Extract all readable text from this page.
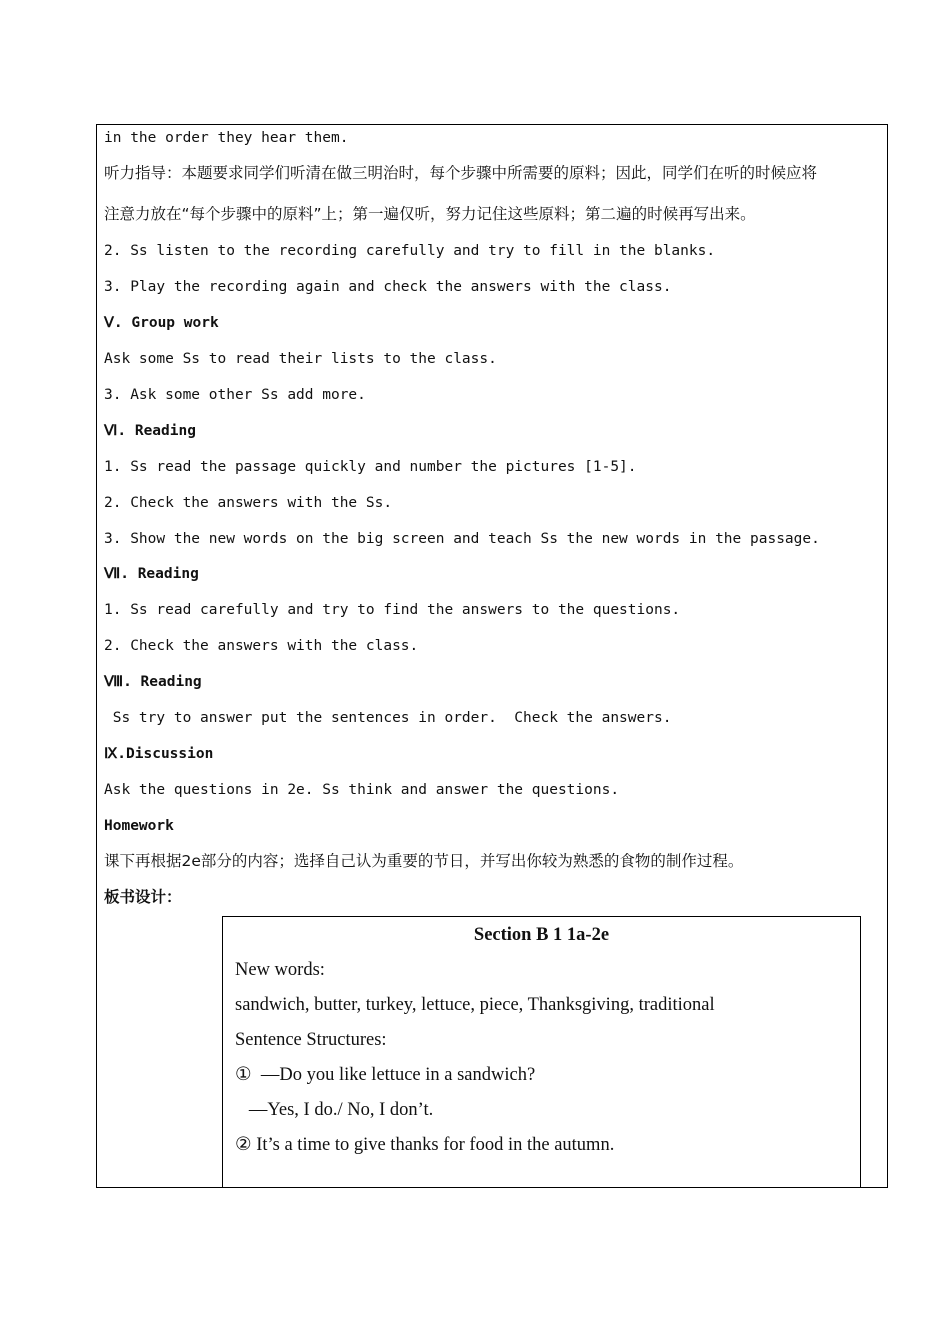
in the order they hear them.
听力指导：本题要求同学们听清在做三明治时，每个步骤中所需要的原料；因此，同学们在听的时候应将
注意力放在“每个步骤中的原料”上；第一遍仅听，努力记住这些原料；第二遍的时候再写出来。
2. Ss listen to the recording carefully and try to fill in the blanks.
3. Play the recording again and check the answers with the class.
Ⅴ. Group work
Ask some Ss to read their lists to the class.
3. Ask some other Ss add more.
Ⅵ. Reading
1. Ss read the passage quickly and number the pictures [1-5].
2. Check the answers with the Ss.
3. Show the new words on the big screen and teach Ss the new words in the passage.
Ⅶ. Reading
1. Ss read carefully and try to find the answers to the questions.
2. Check the answers with the class.
Ⅷ. Reading
Ss try to answer put the sentences in order.  Check the answers.
Ⅸ.Discussion
Ask the questions in 2e. Ss think and answer the questions.
Homework
课下再根据2e部分的内容；选择自己认为重要的节日，并写出你较为熟悉的食物的制作过程。
板书设计：
Section B 1 1a-2e
New words:
sandwich, butter, turkey, lettuce, piece, Thanksgiving, traditional
Sentence Structures:
①  —Do you like lettuce in a sandwich?
—Yes, I do./ No, I don’t.
② It’s a time to give thanks for food in the autumn.
